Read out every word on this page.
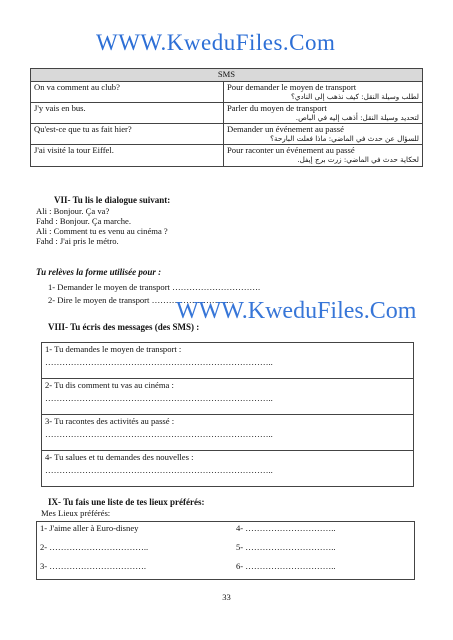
WWW.KweduFiles.Com
SMS	
On va comment au club?	Pour demander le moyen de transport
لطلب وسيلة النقل: كيف نذهب إلى النادي؟

J'y vais en bus.	Parler du moyen de transport
لتحديد وسيلة النقل: أذهب إليه في الباص.

Qu'est-ce que tu as fait hier?	Demander un événement au passé
للسؤال عن حدث في الماضي: ماذا فعلت البارحة؟

J'ai visité la tour Eiffel.	Pour raconter un événement au passé
لحكاية حدث في الماضي: زرت برج إيفل.
VII- Tu lis le dialogue suivant:
Ali : Bonjour. Ça va?
Fahd : Bonjour. Ça marche.
Ali : Comment tu es venu au cinéma ?
Fahd : J'ai pris le métro.
Tu relèves la forme utilisée pour :
1- Demander le moyen de transport ………………………….
2- Dire le moyen de transport ………………………..
WWW.KweduFiles.Com
VIII- Tu écris des messages (des SMS) :
1- Tu demandes le moyen de transport :
……………………………………………………………………..

2- Tu dis comment tu vas au cinéma :
……………………………………………………………………..

3- Tu racontes des activités au passé :
……………………………………………………………………..

4- Tu salues et tu demandes des nouvelles :
……………………………………………………………………..
IX- Tu fais une liste de tes lieux préférés:
Mes Lieux préférés:
1- J'aime aller à Euro-disney	4- …………………………..
2- ……………………………..	5- …………………………..
3- …………………………….	6- …………………………..
33
